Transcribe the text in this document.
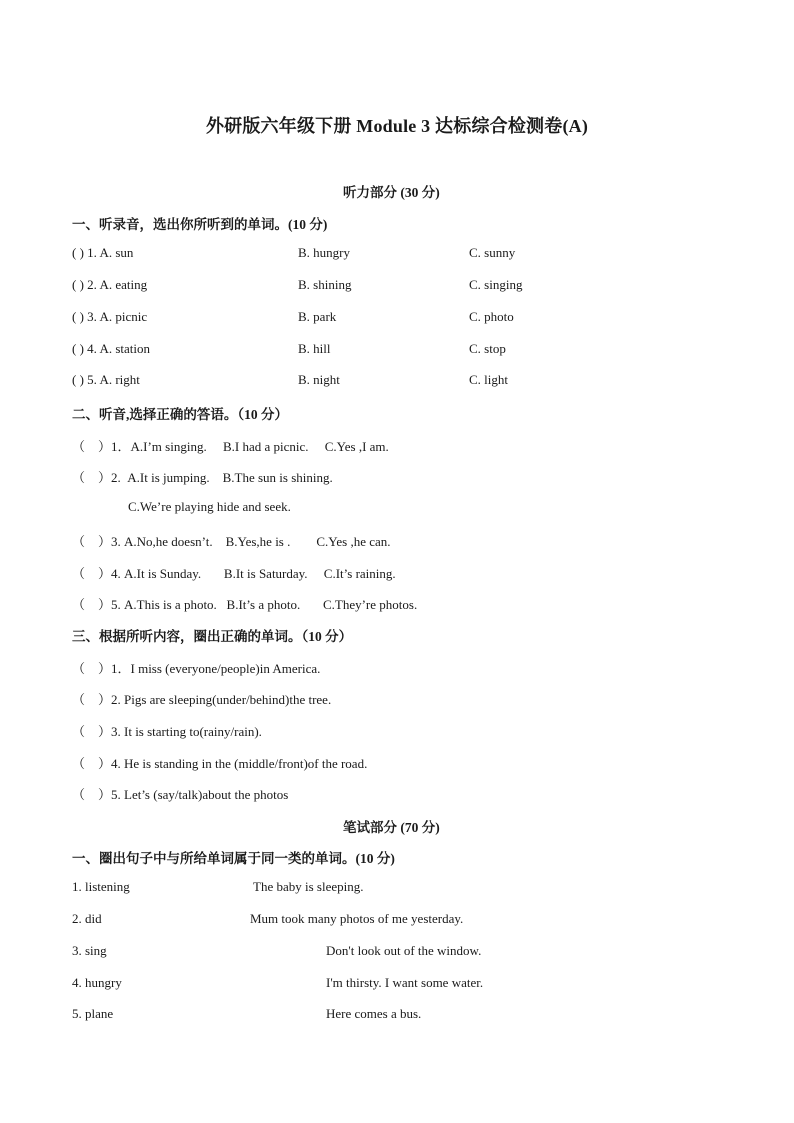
外研版六年级下册 Module 3 达标综合检测卷(A)
听力部分 (30 分)
一、听录音，选出你所听到的单词。(10 分)
( ) 1. A. sun	B. hungry	C. sunny
( ) 2. A. eating	B. shining	C. singing
( ) 3. A. picnic	B. park	C. photo
( ) 4. A. station	B. hill	C. stop
( ) 5. A. right	B. night	C. light
二、听音,选择正确的答语。（10 分）
（    ）1．A.I’m singing.     B.I had a picnic.     C.Yes ,I am.
（    ）2.  A.It is jumping.    B.The sun is shining.
C.We’re playing hide and seek.
（    ）3. A.No,he doesn’t.    B.Yes,he is .        C.Yes ,he can.
（    ）4. A.It is Sunday.       B.It is Saturday.     C.It’s raining.
（    ）5. A.This is a photo.   B.It’s a photo.       C.They’re photos.
三、根据所听内容，圈出正确的单词。（10 分）
（    ）1．I miss (everyone/people)in America.
（    ）2. Pigs are sleeping(under/behind)the tree.
（    ）3. It is starting to(rainy/rain).
（    ）4. He is standing in the (middle/front)of the road.
（    ）5. Let’s (say/talk)about the photos
笔试部分 (70 分)
一、圈出句子中与所给单词属于同一类的单词。(10 分)
1. listening	The baby is sleeping.
2. did	Mum took many photos of me yesterday.
3. sing	Don't look out of the window.
4. hungry	I'm thirsty. I want some water.
5. plane	Here comes a bus.
